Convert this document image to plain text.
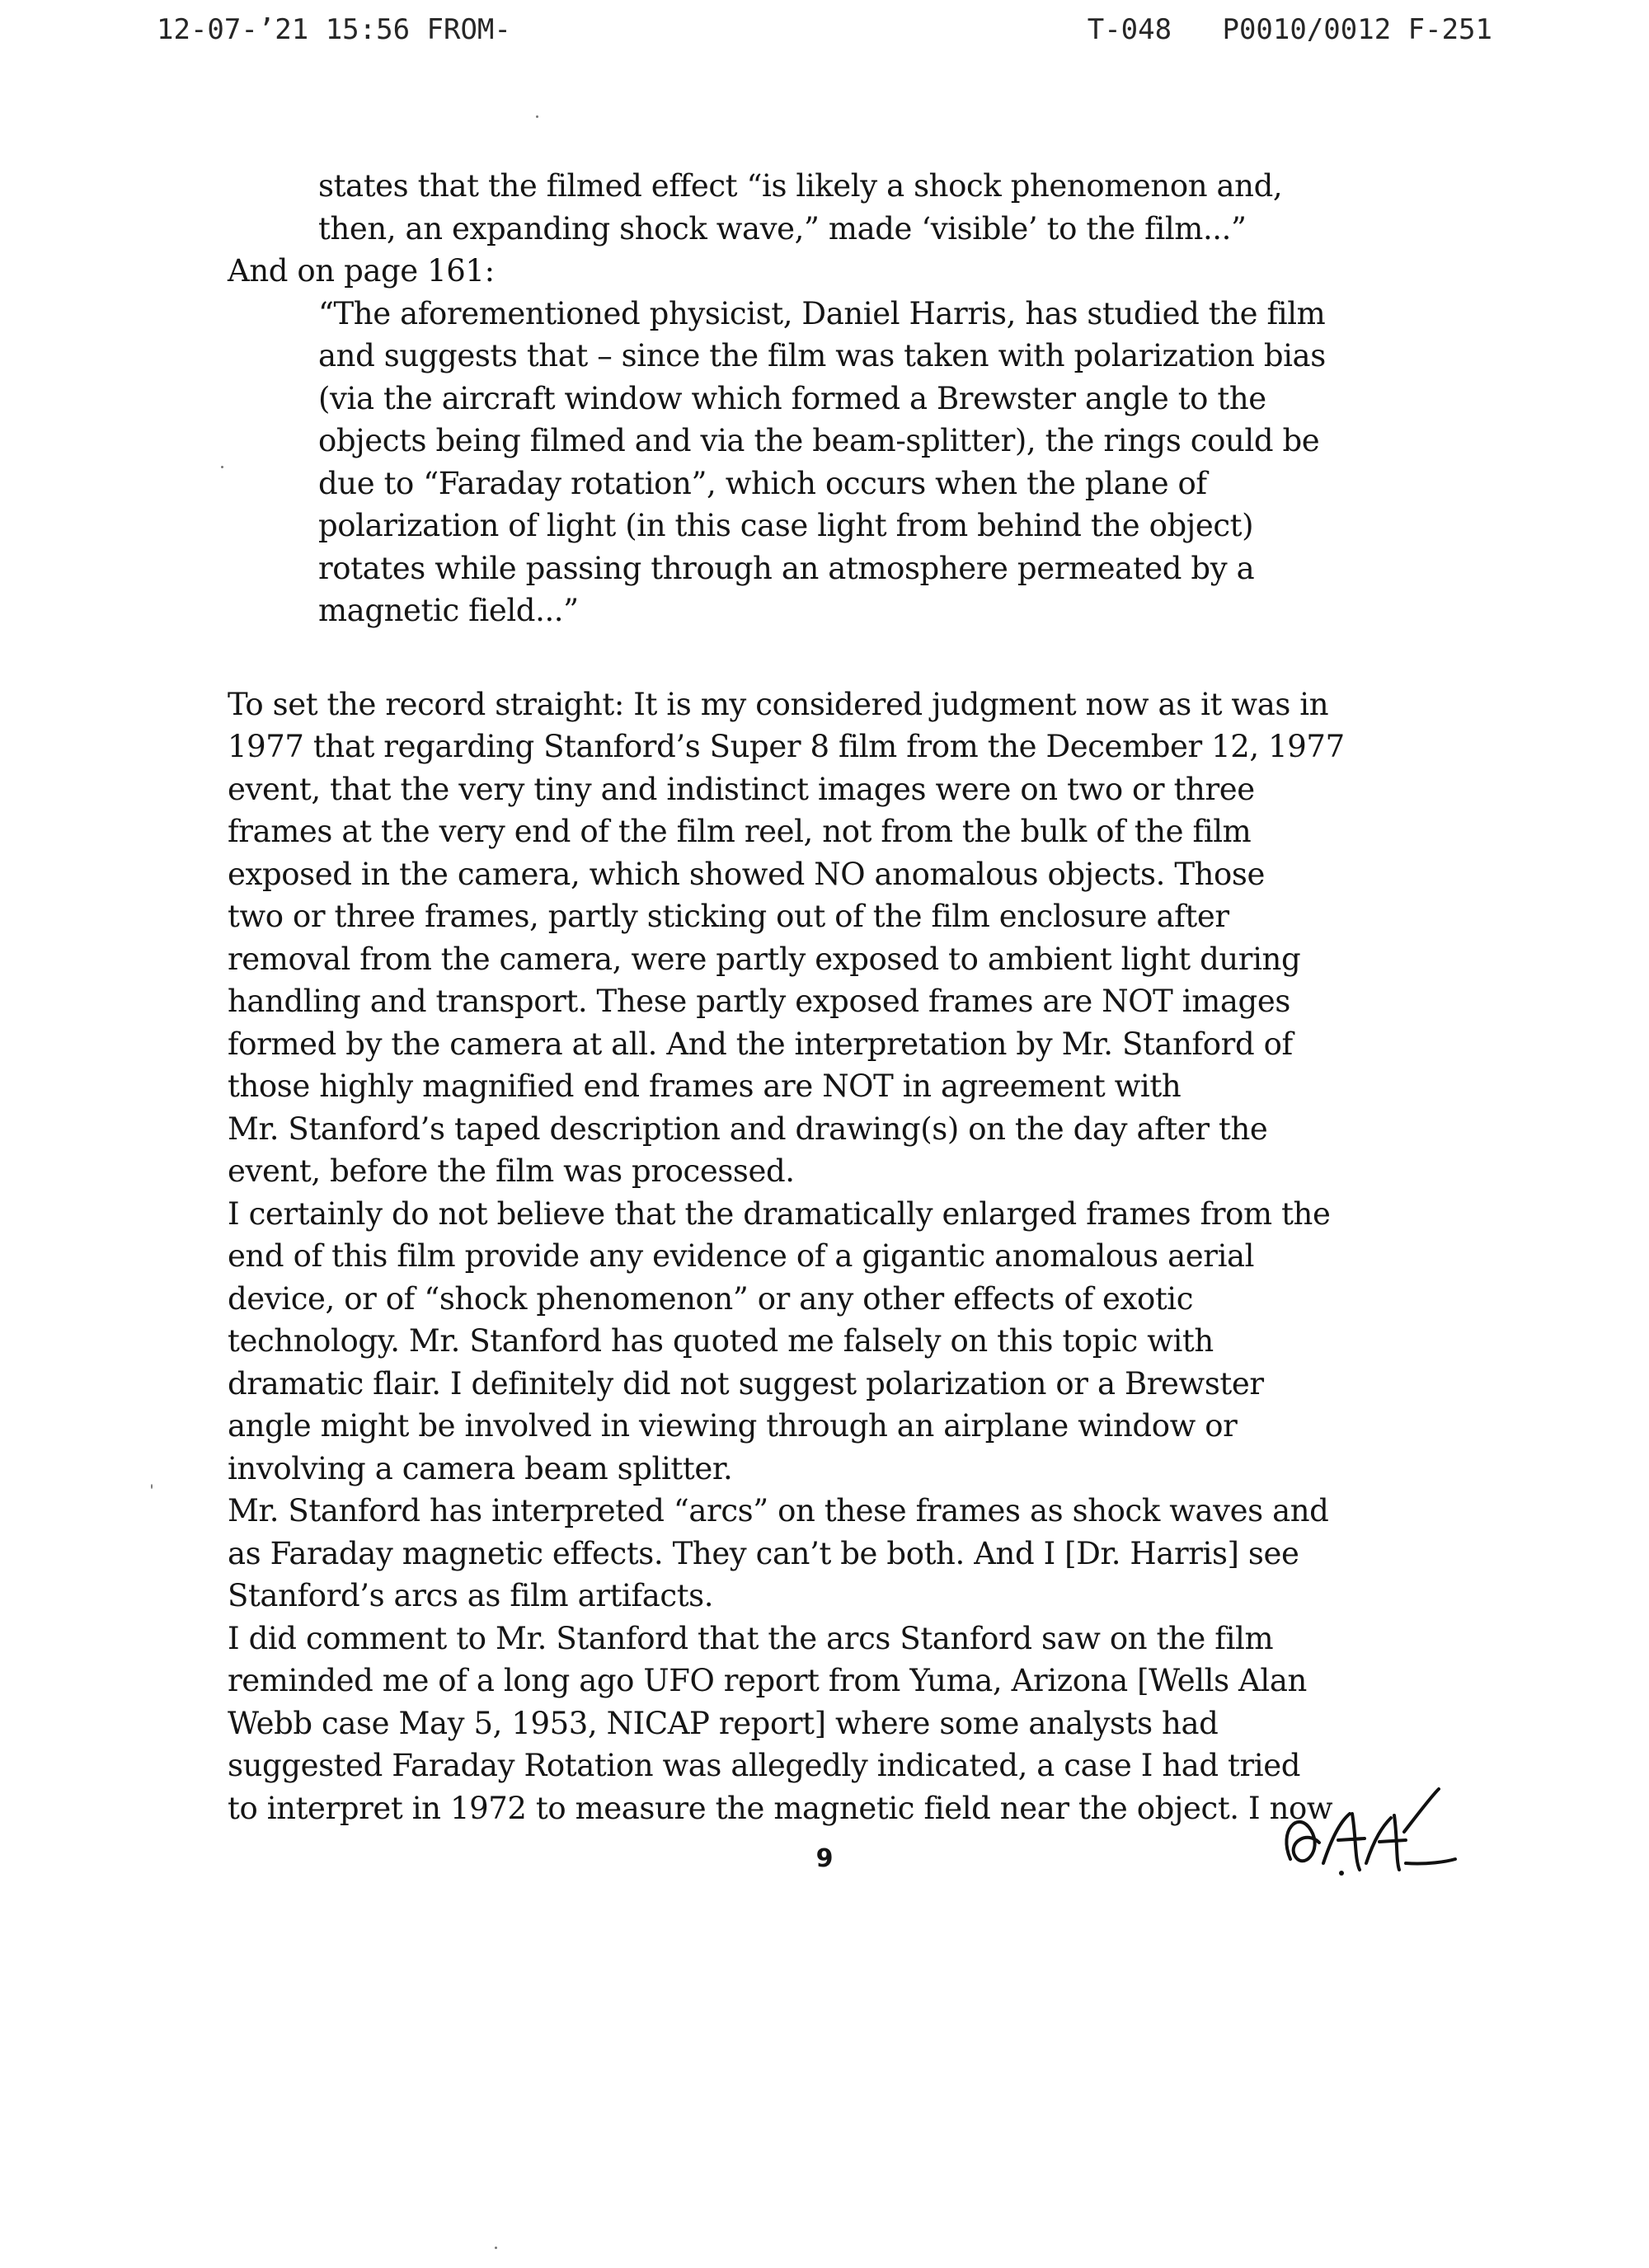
12-07-’21 15:56 FROM-	T-048   P0010/0012 F-251
states that the filmed effect “is likely a shock phenomenon and,
then, an expanding shock wave,” made ‘visible’ to the film...”
And on page 161:
“The aforementioned physicist, Daniel Harris, has studied the film
and suggests that – since the film was taken with polarization bias
(via the aircraft window which formed a Brewster angle to the
objects being filmed and via the beam-splitter), the rings could be
due to “Faraday rotation”, which occurs when the plane of
polarization of light (in this case light from behind the object)
rotates while passing through an atmosphere permeated by a
magnetic field...”
To set the record straight: It is my considered judgment now as it was in
1977 that regarding Stanford’s Super 8 film from the December 12, 1977
event, that the very tiny and indistinct images were on two or three
frames at the very end of the film reel, not from the bulk of the film
exposed in the camera, which showed NO anomalous objects. Those
two or three frames, partly sticking out of the film enclosure after
removal from the camera, were partly exposed to ambient light during
handling and transport. These partly exposed frames are NOT images
formed by the camera at all. And the interpretation by Mr. Stanford of
those highly magnified end frames are NOT in agreement with
Mr. Stanford’s taped description and drawing(s) on the day after the
event, before the film was processed.
I certainly do not believe that the dramatically enlarged frames from the
end of this film provide any evidence of a gigantic anomalous aerial
device, or of “shock phenomenon” or any other effects of exotic
technology. Mr. Stanford has quoted me falsely on this topic with
dramatic flair. I definitely did not suggest polarization or a Brewster
angle might be involved in viewing through an airplane window or
involving a camera beam splitter.
Mr. Stanford has interpreted “arcs” on these frames as shock waves and
as Faraday magnetic effects. They can’t be both. And I [Dr. Harris] see
Stanford’s arcs as film artifacts.
I did comment to Mr. Stanford that the arcs Stanford saw on the film
reminded me of a long ago UFO report from Yuma, Arizona [Wells Alan
Webb case May 5, 1953, NICAP report] where some analysts had
suggested Faraday Rotation was allegedly indicated, a case I had tried
to interpret in 1972 to measure the magnetic field near the object. I now
9
